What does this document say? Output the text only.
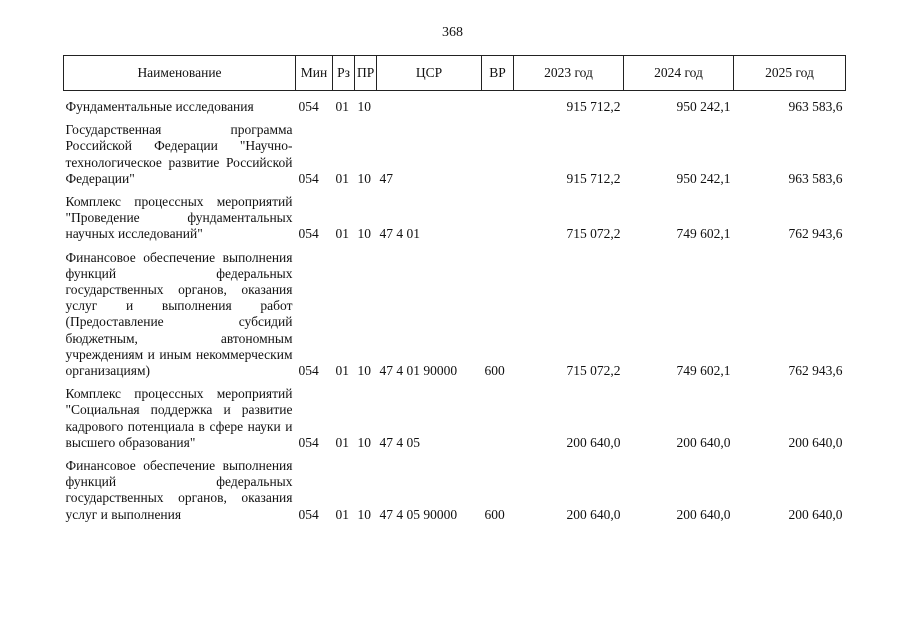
368
Наименование	Мин	Рз	ПР	ЦСР	ВР	2023 год	2024 год	2025 год
Фундаментальные исследования	054	01	10			915 712,2	950 242,1	963 583,6

Государственная программа Российской Федерации "Научно-технологическое развитие Российской Федерации"	054	01	10	47		915 712,2	950 242,1	963 583,6

Комплекс процессных мероприятий "Проведение фундаментальных научных исследований"	054	01	10	47 4 01		715 072,2	749 602,1	762 943,6

Финансовое обеспечение выполнения функций федеральных государственных органов, оказания услуг и выполнения работ (Предоставление субсидий бюджетным, автономным учреждениям и иным некоммерческим организациям)	054	01	10	47 4 01 90000	600	715 072,2	749 602,1	762 943,6

Комплекс процессных мероприятий "Социальная поддержка и развитие кадрового потенциала в сфере науки и высшего образования"	054	01	10	47 4 05		200 640,0	200 640,0	200 640,0

Финансовое обеспечение выполнения функций федеральных государственных органов, оказания услуг и выполнения	054	01	10	47 4 05 90000	600	200 640,0	200 640,0	200 640,0
